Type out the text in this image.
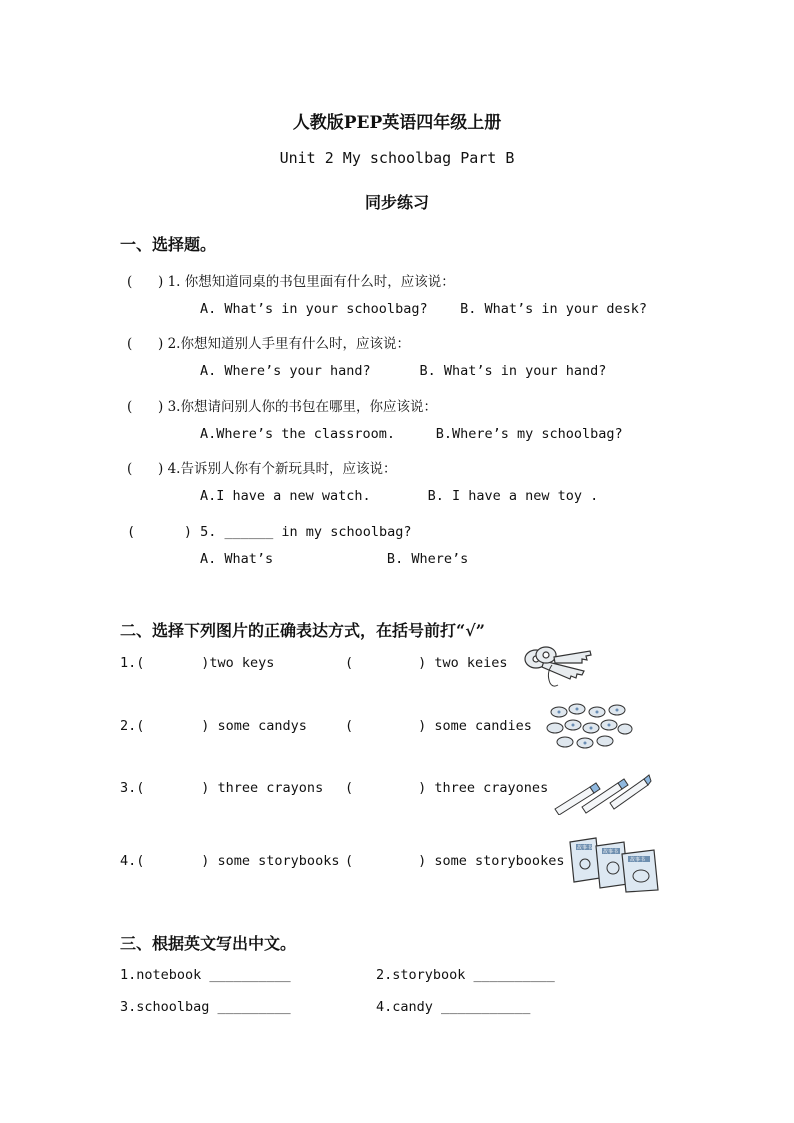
人教版PEP英语四年级上册
Unit 2 My schoolbag Part B
同步练习
一、选择题。
(      ) 1. 你想知道同桌的书包里面有什么时，应该说：
A. What’s in your schoolbag?    B. What’s in your desk?
(      ) 2.你想知道别人手里有什么时，应该说：
A. Where’s your hand?      B. What’s in your hand?
(      ) 3.你想请问别人你的书包在哪里，你应该说：
A.Where’s the classroom.     B.Where’s my schoolbag?
(      ) 4.告诉别人你有个新玩具时，应该说：
A.I have a new watch.       B. I have a new toy .
(      ) 5. ______ in my schoolbag?
A. What’s              B. Where’s
二、选择下列图片的正确表达方式，在括号前打“√”
1.(       )two keys	(        ) two keies
2.(       ) some candys	(        ) some candies
3.(       ) three crayons (        ) three crayones
4.(       ) some storybooks (        ) some storybookes
故事书
故事书
故事书
三、根据英文写出中文。
1.notebook __________	2.storybook __________
3.schoolbag _________	4.candy ___________
